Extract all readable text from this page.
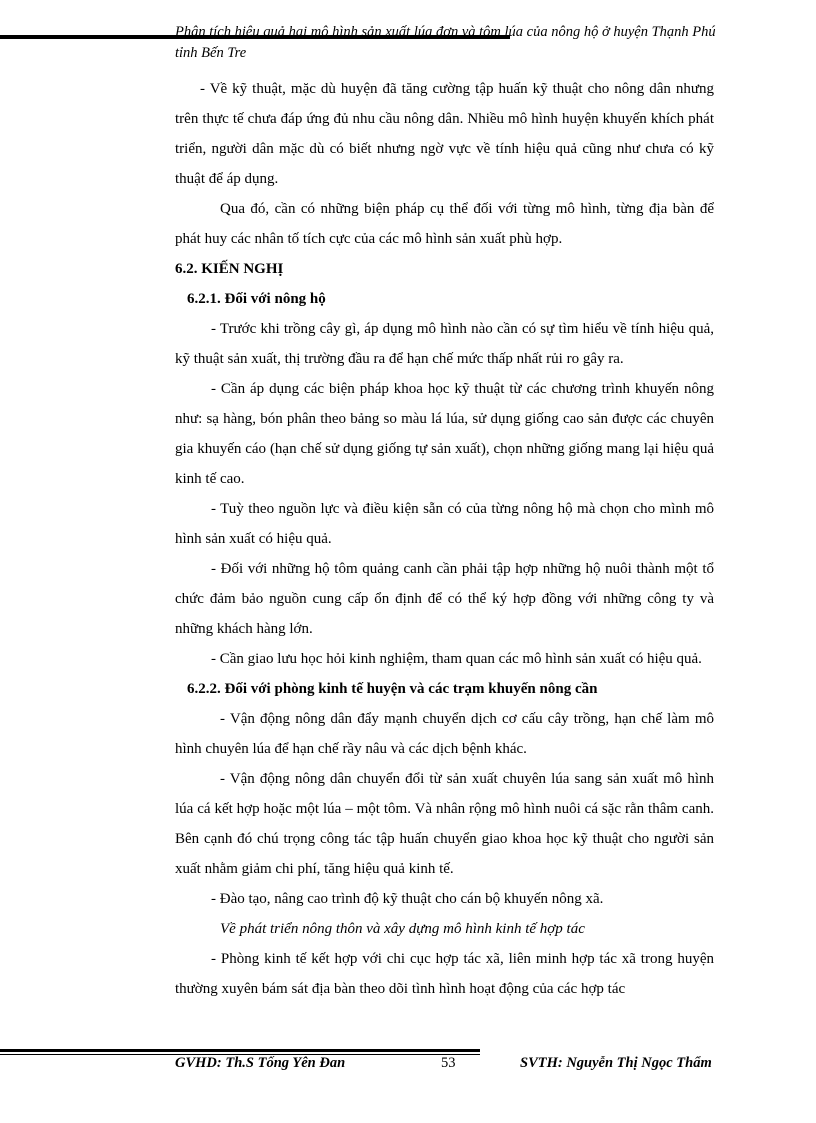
Phân tích hiệu quả hai mô hình sản xuất lúa đơn và tôm lúa của nông hộ ở huyện Thạnh Phú tỉnh Bến Tre

- Về kỹ thuật, mặc dù huyện đã tăng cường tập huấn kỹ thuật cho nông dân nhưng trên thực tế chưa đáp ứng đủ nhu cầu nông dân. Nhiều mô hình huyện khuyến khích phát triển, người dân mặc dù có biết nhưng ngờ vực về tính hiệu quả cũng như chưa có kỹ thuật để áp dụng.

Qua đó, cần có những biện pháp cụ thể đối với từng mô hình, từng địa bàn để phát huy các nhân tố tích cực của các mô hình sản xuất phù hợp.

6.2. KIẾN NGHỊ

6.2.1. Đối với nông hộ

- Trước khi trồng cây gì, áp dụng mô hình nào cần có sự tìm hiểu về tính hiệu quả, kỹ thuật sản xuất, thị trường đầu ra để hạn chế mức thấp nhất rủi ro gây ra.

- Cần áp dụng các biện pháp khoa học kỹ thuật từ các chương trình khuyến nông như: sạ hàng, bón phân theo bảng so màu lá lúa, sử dụng giống cao sản được các chuyên gia khuyến cáo (hạn chế sử dụng giống tự sản xuất), chọn những giống mang lại hiệu quả kinh tế cao.

- Tuỳ theo nguồn lực và điều kiện sẵn có của từng nông hộ mà chọn cho mình mô hình sản xuất có hiệu quả.

- Đối với những hộ tôm quảng canh cần phải tập hợp những hộ nuôi thành một tổ chức đảm bảo nguồn cung cấp ổn định để có thể ký hợp đồng với những công ty và những khách hàng lớn.

- Cần giao lưu học hỏi kinh nghiệm, tham quan các mô hình sản xuất có hiệu quả.

6.2.2. Đối với phòng kinh tế huyện và các trạm khuyến nông cần

- Vận động nông dân đẩy mạnh chuyển dịch cơ cấu cây trồng, hạn chế làm mô hình chuyên lúa để hạn chế rầy nâu và các dịch bệnh khác.

- Vận động nông dân chuyển đổi từ sản xuất chuyên lúa sang sản xuất mô hình lúa cá kết hợp hoặc một lúa – một tôm. Và nhân rộng mô hình nuôi cá sặc rằn thâm canh. Bên cạnh đó chú trọng công tác tập huấn chuyển giao khoa học kỹ thuật cho người sản xuất nhằm giảm chi phí, tăng hiệu quả kinh tế.

- Đào tạo, nâng cao trình độ kỹ thuật cho cán bộ khuyến nông xã.

Về phát triển nông thôn và xây dựng mô hình kinh tế hợp tác

- Phòng kinh tế kết hợp với chi cục hợp tác xã, liên minh hợp tác xã trong huyện thường xuyên bám sát địa bàn theo dõi tình hình hoạt động của các hợp tác

GVHD: Th.S Tống Yên Đan	53	SVTH: Nguyễn Thị Ngọc Thẩm
